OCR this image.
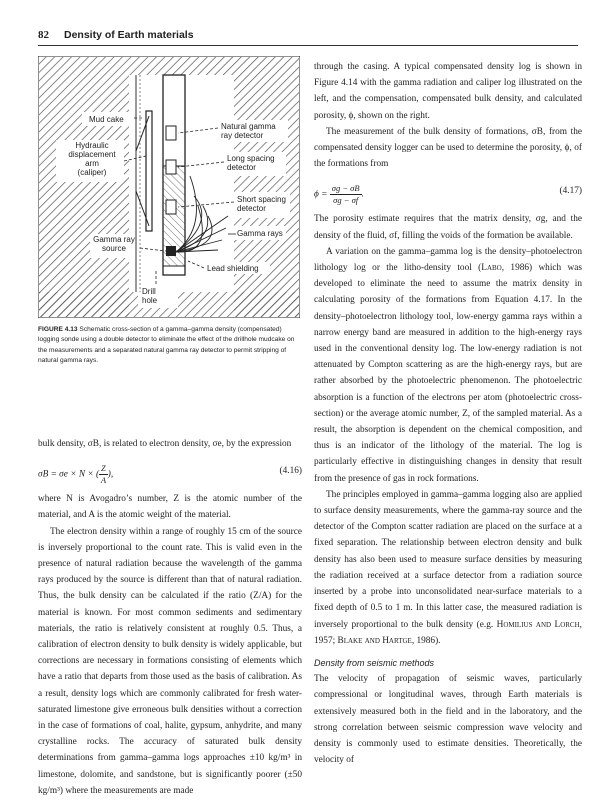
82 Density of Earth materials
Mud cake
Hydraulic
displacement
arm
(caliper)
Natural gamma
ray detector
Long spacing
detector
Short spacing
detector
Gamma ray
source
Gamma rays
Lead shielding
Drill
hole
FIGURE 4.13 Schematic cross-section of a gamma–gamma density (compensated) logging sonde using a double detector to eliminate the effect of the drillhole mudcake on the measurements and a separated natural gamma ray detector to permit stripping of natural gamma rays.

bulk density, σB, is related to electron density, σe, by the expression

σB = σe × N × ( $\frac{Z}{A}$ ),	(4.16)

where N is Avogadro’s number, Z is the atomic number of the material, and A is the atomic weight of the material.

The electron density within a range of roughly 15 cm of the source is inversely proportional to the count rate. This is valid even in the presence of natural radiation because the wavelength of the gamma rays produced by the source is different than that of natural radiation. Thus, the bulk density can be calculated if the ratio (Z/A) for the material is known. For most common sediments and sedimentary materials, the ratio is relatively consistent at roughly 0.5. Thus, a calibration of electron density to bulk density is widely applicable, but corrections are necessary in formations consisting of elements which have a ratio that departs from those used as the basis of calibration. As a result, density logs which are commonly calibrated for fresh water-saturated limestone give erroneous bulk densities without a correction in the case of formations of coal, halite, gypsum, anhydrite, and many crystalline rocks. The accuracy of saturated bulk density determinations from gamma–gamma logs approaches ±10 kg/m³ in limestone, dolomite, and sandstone, but is significantly poorer (±50 kg/m³) where the measurements are made

through the casing. A typical compensated density log is shown in Figure 4.14 with the gamma radiation and caliper log illustrated on the left, and the compensation, compensated bulk density, and calculated porosity, ϕ, shown on the right.

The measurement of the bulk density of formations, σB, from the compensated density logger can be used to determine the porosity, ϕ, of the formations from

$\phi = \frac{\sigma g - \sigma B}{\sigma g - \sigma f}$ .	(4.17)

The porosity estimate requires that the matrix density, σg, and the density of the fluid, σf, filling the voids of the formation be available.

A variation on the gamma–gamma log is the density–photoelectron lithology log or the litho-density tool (Labo, 1986) which was developed to eliminate the need to assume the matrix density in calculating porosity of the formations from Equation 4.17. In the density–photoelectron lithology tool, low-energy gamma rays within a narrow energy band are measured in addition to the high-energy rays used in the conventional density log. The low-energy radiation is not attenuated by Compton scattering as are the high-energy rays, but are rather absorbed by the photoelectric phenomenon. The photoelectric absorption is a function of the electrons per atom (photoelectric cross-section) or the average atomic number, Z, of the sampled material. As a result, the absorption is dependent on the chemical composition, and thus is an indicator of the lithology of the material. The log is particularly effective in distinguishing changes in density that result from the presence of gas in rock formations.

The principles employed in gamma–gamma logging also are applied to surface density measurements, where the gamma-ray source and the detector of the Compton scatter radiation are placed on the surface at a fixed separation. The relationship between electron density and bulk density has also been used to measure surface densities by measuring the radiation received at a surface detector from a radiation source inserted by a probe into unconsolidated near-surface materials to a fixed depth of 0.5 to 1 m. In this latter case, the measured radiation is inversely proportional to the bulk density (e.g. Homilius and Lorch, 1957; Blake and Hartge, 1986).

Density from seismic methods

The velocity of propagation of seismic waves, particularly compressional or longitudinal waves, through Earth materials is extensively measured both in the field and in the laboratory, and the strong correlation between seismic compression wave velocity and density is commonly used to estimate densities. Theoretically, the velocity of
